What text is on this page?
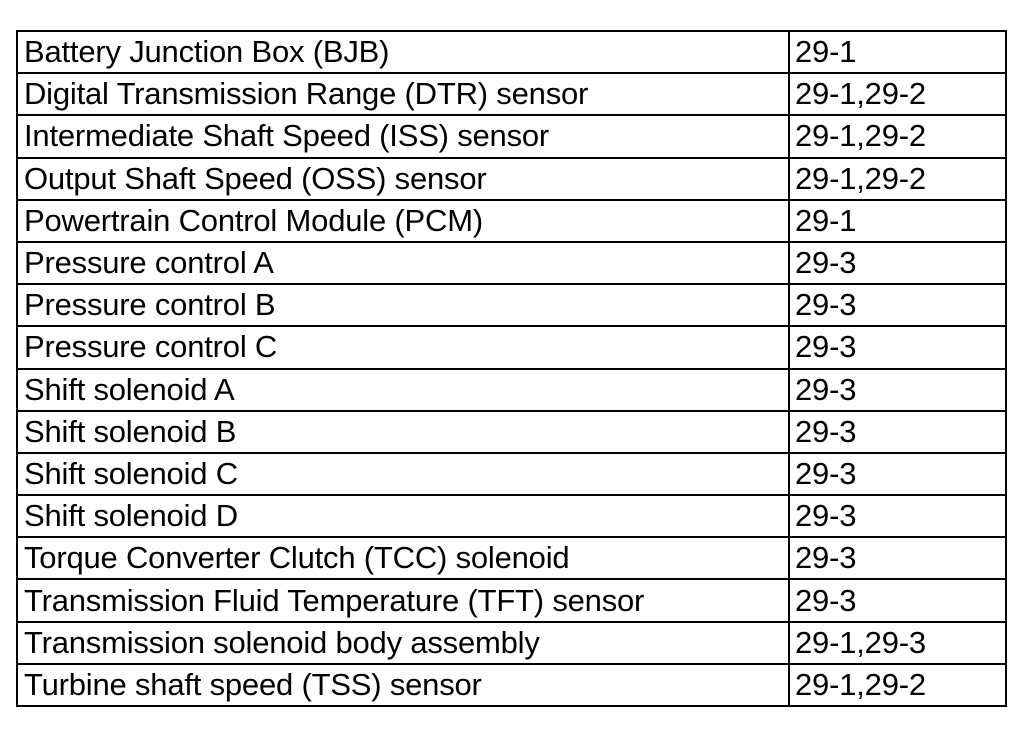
Battery Junction Box (BJB)	29-1
Digital Transmission Range (DTR) sensor	29-1,29-2
Intermediate Shaft Speed (ISS) sensor	29-1,29-2
Output Shaft Speed (OSS) sensor	29-1,29-2
Powertrain Control Module (PCM)	29-1
Pressure control A	29-3
Pressure control B	29-3
Pressure control C	29-3
Shift solenoid A	29-3
Shift solenoid B	29-3
Shift solenoid C	29-3
Shift solenoid D	29-3
Torque Converter Clutch (TCC) solenoid	29-3
Transmission Fluid Temperature (TFT) sensor	29-3
Transmission solenoid body assembly	29-1,29-3
Turbine shaft speed (TSS) sensor	29-1,29-2
